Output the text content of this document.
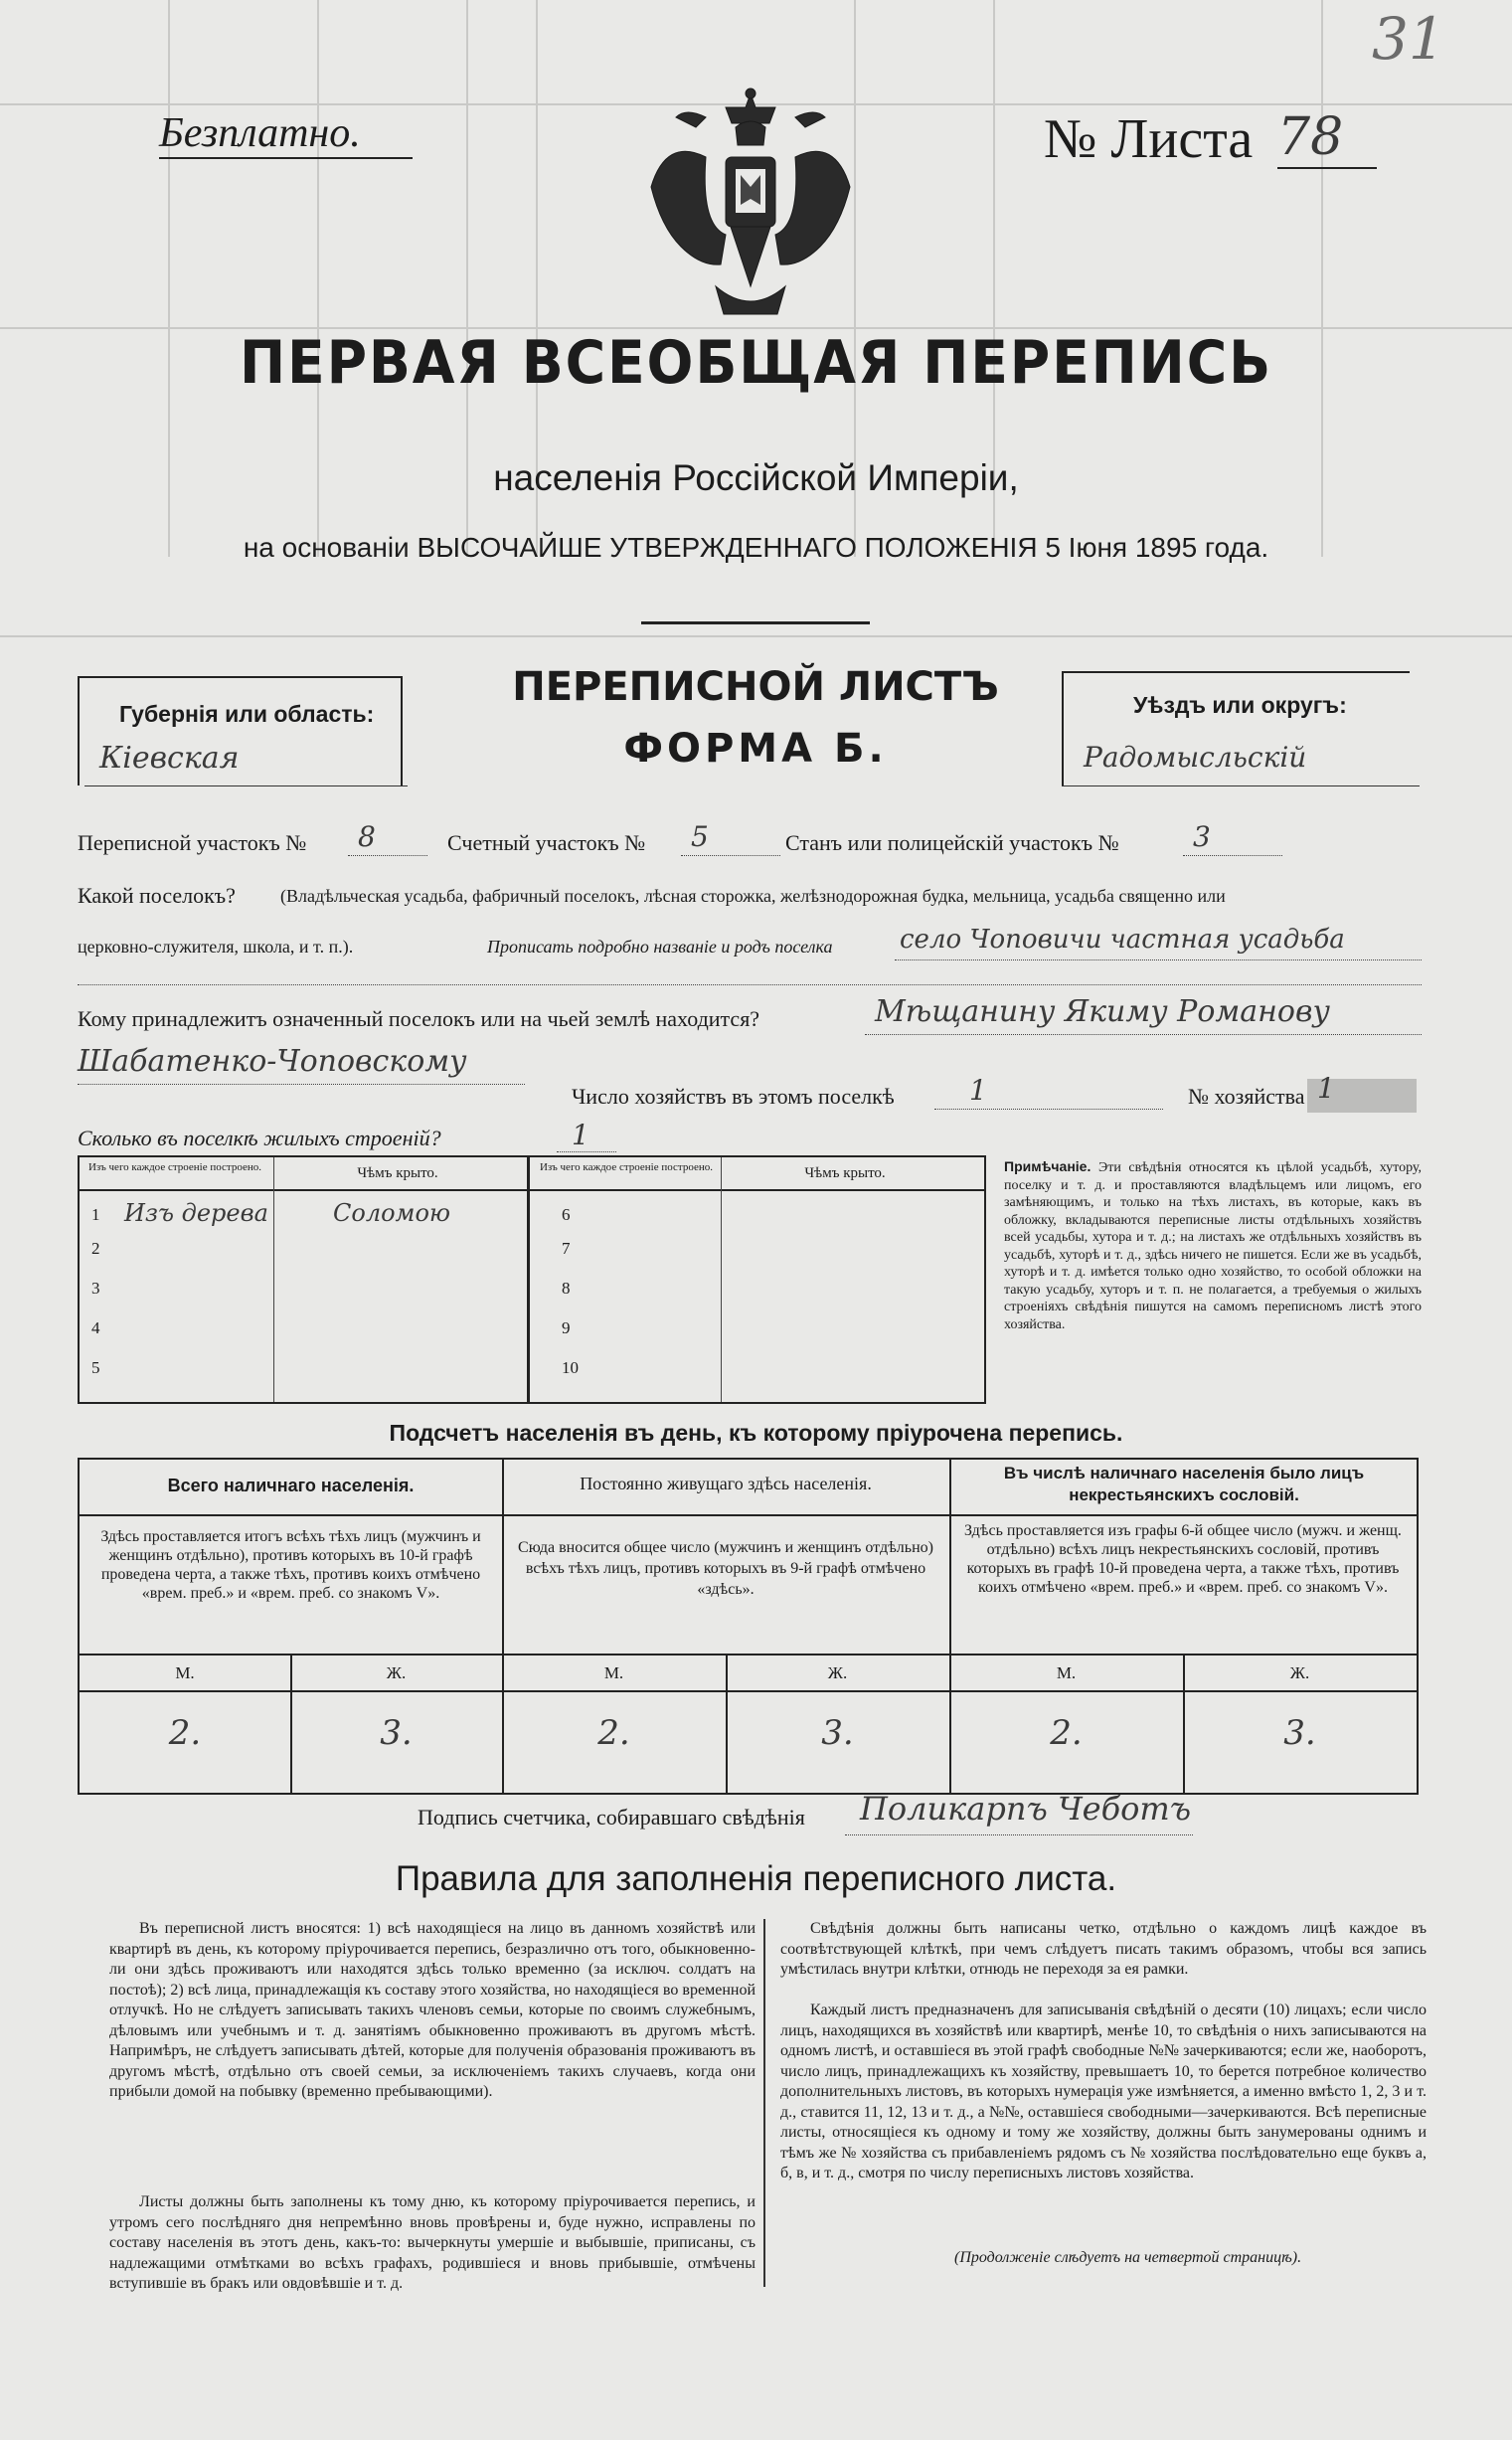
Безплатно.	№ Листа 78
31
ПЕРВАЯ ВСЕОБЩАЯ ПЕРЕПИСЬ
населенія Россійской Имперіи,
на основаніи ВЫСОЧАЙШЕ УТВЕРЖДЕННАГО ПОЛОЖЕНІЯ 5 Іюня 1895 года.
Губернія или область:
Кіевская
ПЕРЕПИСНОЙ ЛИСТЪ
ФОРМА Б.
Уѣздъ или округъ:
Радомысльскій
Переписной участокъ № 8	Счетный участокъ № 5	Станъ или полицейскій участокъ №	3
Какой поселокъ?	(Владѣльческая усадьба, фабричный поселокъ, лѣсная сторожка, желѣзнодорожная будка, мельница, усадьба священно или
церковно-служителя, школа, и т. п.).	Прописать подробно названіе и родъ поселка	село Чоповичи частная усадьба
Кому принадлежитъ означенный поселокъ или на чьей землѣ находится?	Мѣщанину Якиму Романову
Шабатенко-Чоповскому
Число хозяйствъ въ этомъ поселкѣ	1	№ хозяйства 1
Сколько въ поселкѣ жилыхъ строеній?	1
Изъ чего каждое строеніе построено.	Чѣмъ крыто.	Изъ чего каждое строеніе построено.	Чѣмъ крыто.
1 Изъ дерева	Соломою
2
3
4
5
6
7
8
9
10
Примѣчаніе. Эти свѣдѣнія относятся къ цѣлой усадьбѣ, хутору, поселку и т. д. и проставляются владѣльцемъ или лицомъ, его замѣняющимъ, и только на тѣхъ листахъ, въ которые, какъ въ обложку, вкладываются переписные листы отдѣльныхъ хозяйствъ всей усадьбы, хутора и т. д.; на листахъ же отдѣльныхъ хозяйствъ въ усадьбѣ, хуторѣ и т. д., здѣсь ничего не пишется. Если же въ усадьбѣ, хуторѣ и т. д. имѣется только одно хозяйство, то особой обложки на такую усадьбу, хуторъ и т. п. не полагается, а требуемыя о жилыхъ строеніяхъ свѣдѣнія пишутся на самомъ переписномъ листѣ этого хозяйства.
Подсчетъ населенія въ день, къ которому пріурочена перепись.
Всего наличнаго населенія.
Здѣсь проставляется итогъ всѣхъ тѣхъ лицъ (мужчинъ и женщинъ отдѣльно), противъ которыхъ въ 10-й графѣ проведена черта, а также тѣхъ, противъ коихъ отмѣчено «врем. преб.» и «врем. преб. со знакомъ V».
Постоянно живущаго здѣсь населенія.
Сюда вносится общее число (мужчинъ и женщинъ отдѣльно) всѣхъ тѣхъ лицъ, противъ которыхъ въ 9-й графѣ отмѣчено «здѣсь».
Въ числѣ наличнаго населенія было лицъ некрестьянскихъ сословій.
Здѣсь проставляется изъ графы 6-й общее число (мужч. и женщ. отдѣльно) всѣхъ лицъ некрестьянскихъ сословій, противъ которыхъ въ графѣ 10-й проведена черта, а также тѣхъ, противъ коихъ отмѣчено «врем. преб.» и «врем. преб. со знакомъ V».
М.	Ж.	М.	Ж.	М.	Ж.
2.	3.	2.	3.	2.	3.
Подпись счетчика, собиравшаго свѣдѣнія Поликарпъ Чеботъ
Правила для заполненія переписного листа.
Въ переписной листъ вносятся: 1) всѣ находящіеся на лицо въ данномъ хозяйствѣ или квартирѣ въ день, къ которому пріурочивается перепись, безразлично отъ того, обыкновенно-ли они здѣсь проживаютъ или находятся здѣсь только временно (за исключ. солдатъ на постоѣ); 2) всѣ лица, принадлежащія къ составу этого хозяйства, но находящіеся во временной отлучкѣ. Но не слѣдуетъ записывать такихъ членовъ семьи, которые по своимъ служебнымъ, дѣловымъ или учебнымъ и т. д. занятіямъ обыкновенно проживаютъ въ другомъ мѣстѣ. Напримѣръ, не слѣдуетъ записывать дѣтей, которые для полученія образованія проживаютъ въ другомъ мѣстѣ, отдѣльно отъ своей семьи, за исключеніемъ такихъ случаевъ, когда они прибыли домой на побывку (временно пребывающими).
Листы должны быть заполнены къ тому дню, къ которому пріурочивается перепись, и утромъ сего послѣдняго дня непремѣнно вновь провѣрены и, буде нужно, исправлены по составу населенія въ этотъ день, какъ-то: вычеркнуты умершіе и выбывшіе, приписаны, съ надлежащими отмѣтками во всѣхъ графахъ, родившіеся и вновь прибывшіе, отмѣчены вступившіе въ бракъ или овдовѣвшіе и т. д.
Свѣдѣнія должны быть написаны четко, отдѣльно о каждомъ лицѣ каждое въ соотвѣтствующей клѣткѣ, при чемъ слѣдуетъ писать такимъ образомъ, чтобы вся запись умѣстилась внутри клѣтки, отнюдь не переходя за ея рамки.
Каждый листъ предназначенъ для записыванія свѣдѣній о десяти (10) лицахъ; если число лицъ, находящихся въ хозяйствѣ или квартирѣ, менѣе 10, то свѣдѣнія о нихъ записываются на одномъ листѣ, и оставшіеся въ этой графѣ свободные №№ зачеркиваются; если же, наоборотъ, число лицъ, принадлежащихъ къ хозяйству, превышаетъ 10, то берется потребное количество дополнительныхъ листовъ, въ которыхъ нумерація уже измѣняется, а именно вмѣсто 1, 2, 3 и т. д., ставится 11, 12, 13 и т. д., а №№, оставшіеся свободными—зачеркиваются. Всѣ переписные листы, относящіеся къ одному и тому же хозяйству, должны быть занумерованы однимъ и тѣмъ же № хозяйства съ прибавленіемъ рядомъ съ № хозяйства послѣдовательно еще буквъ а, б, в, и т. д., смотря по числу переписныхъ листовъ хозяйства.
(Продолженіе слѣдуетъ на четвертой страницѣ).
